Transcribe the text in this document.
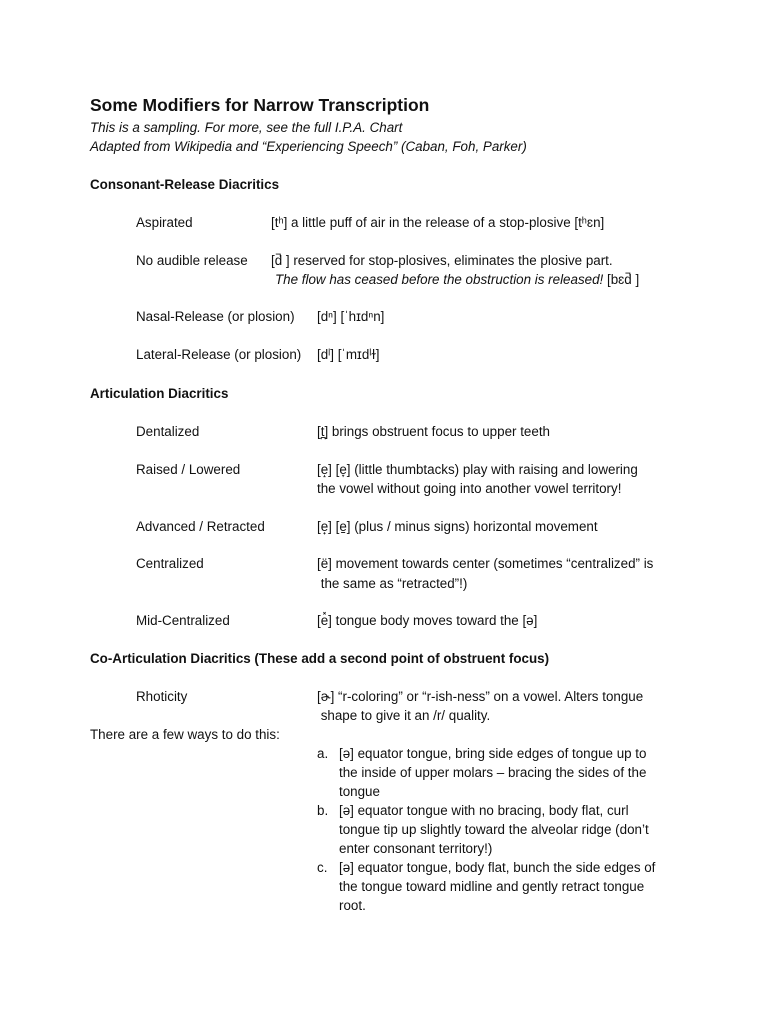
Some Modifiers for Narrow Transcription
This is a sampling. For more, see the full I.P.A. Chart
Adapted from Wikipedia and “Experiencing Speech” (Caban, Foh, Parker)
Consonant-Release Diacritics
Aspirated	[tʰ] a little puff of air in the release of a stop-plosive [tʰɛn]
No audible release [d̚ ] reserved for stop-plosives, eliminates the plosive part.
The flow has ceased before the obstruction is released! [bɛd̚ ]
Nasal-Release (or plosion) [dⁿ] [ˈhɪdⁿn]
Lateral-Release (or plosion) [dˡ] [ˈmɪdˡɫ]
Articulation Diacritics
Dentalized	[t̪] brings obstruent focus to upper teeth
Raised / Lowered	[e̝] [e̞] (little thumbtacks) play with raising and lowering
the vowel without going into another vowel territory!
Advanced / Retracted	[e̟] [e̠] (plus / minus signs) horizontal movement
Centralized	[ë] movement towards center (sometimes “centralized” is
the same as “retracted”!)
Mid-Centralized	[e̽] tongue body moves toward the [ə]
Co-Articulation Diacritics (These add a second point of obstruent focus)
Rhoticity	[ɚ] “r-coloring” or “r-ish-ness” on a vowel. Alters tongue
shape to give it an /r/ quality.
There are a few ways to do this:
a. [ə] equator tongue, bring side edges of tongue up to
the inside of upper molars – bracing the sides of the
tongue
b. [ə] equator tongue with no bracing, body flat, curl
tongue tip up slightly toward the alveolar ridge (don’t
enter consonant territory!)
c. [ə] equator tongue, body flat, bunch the side edges of
the tongue toward midline and gently retract tongue
root.
